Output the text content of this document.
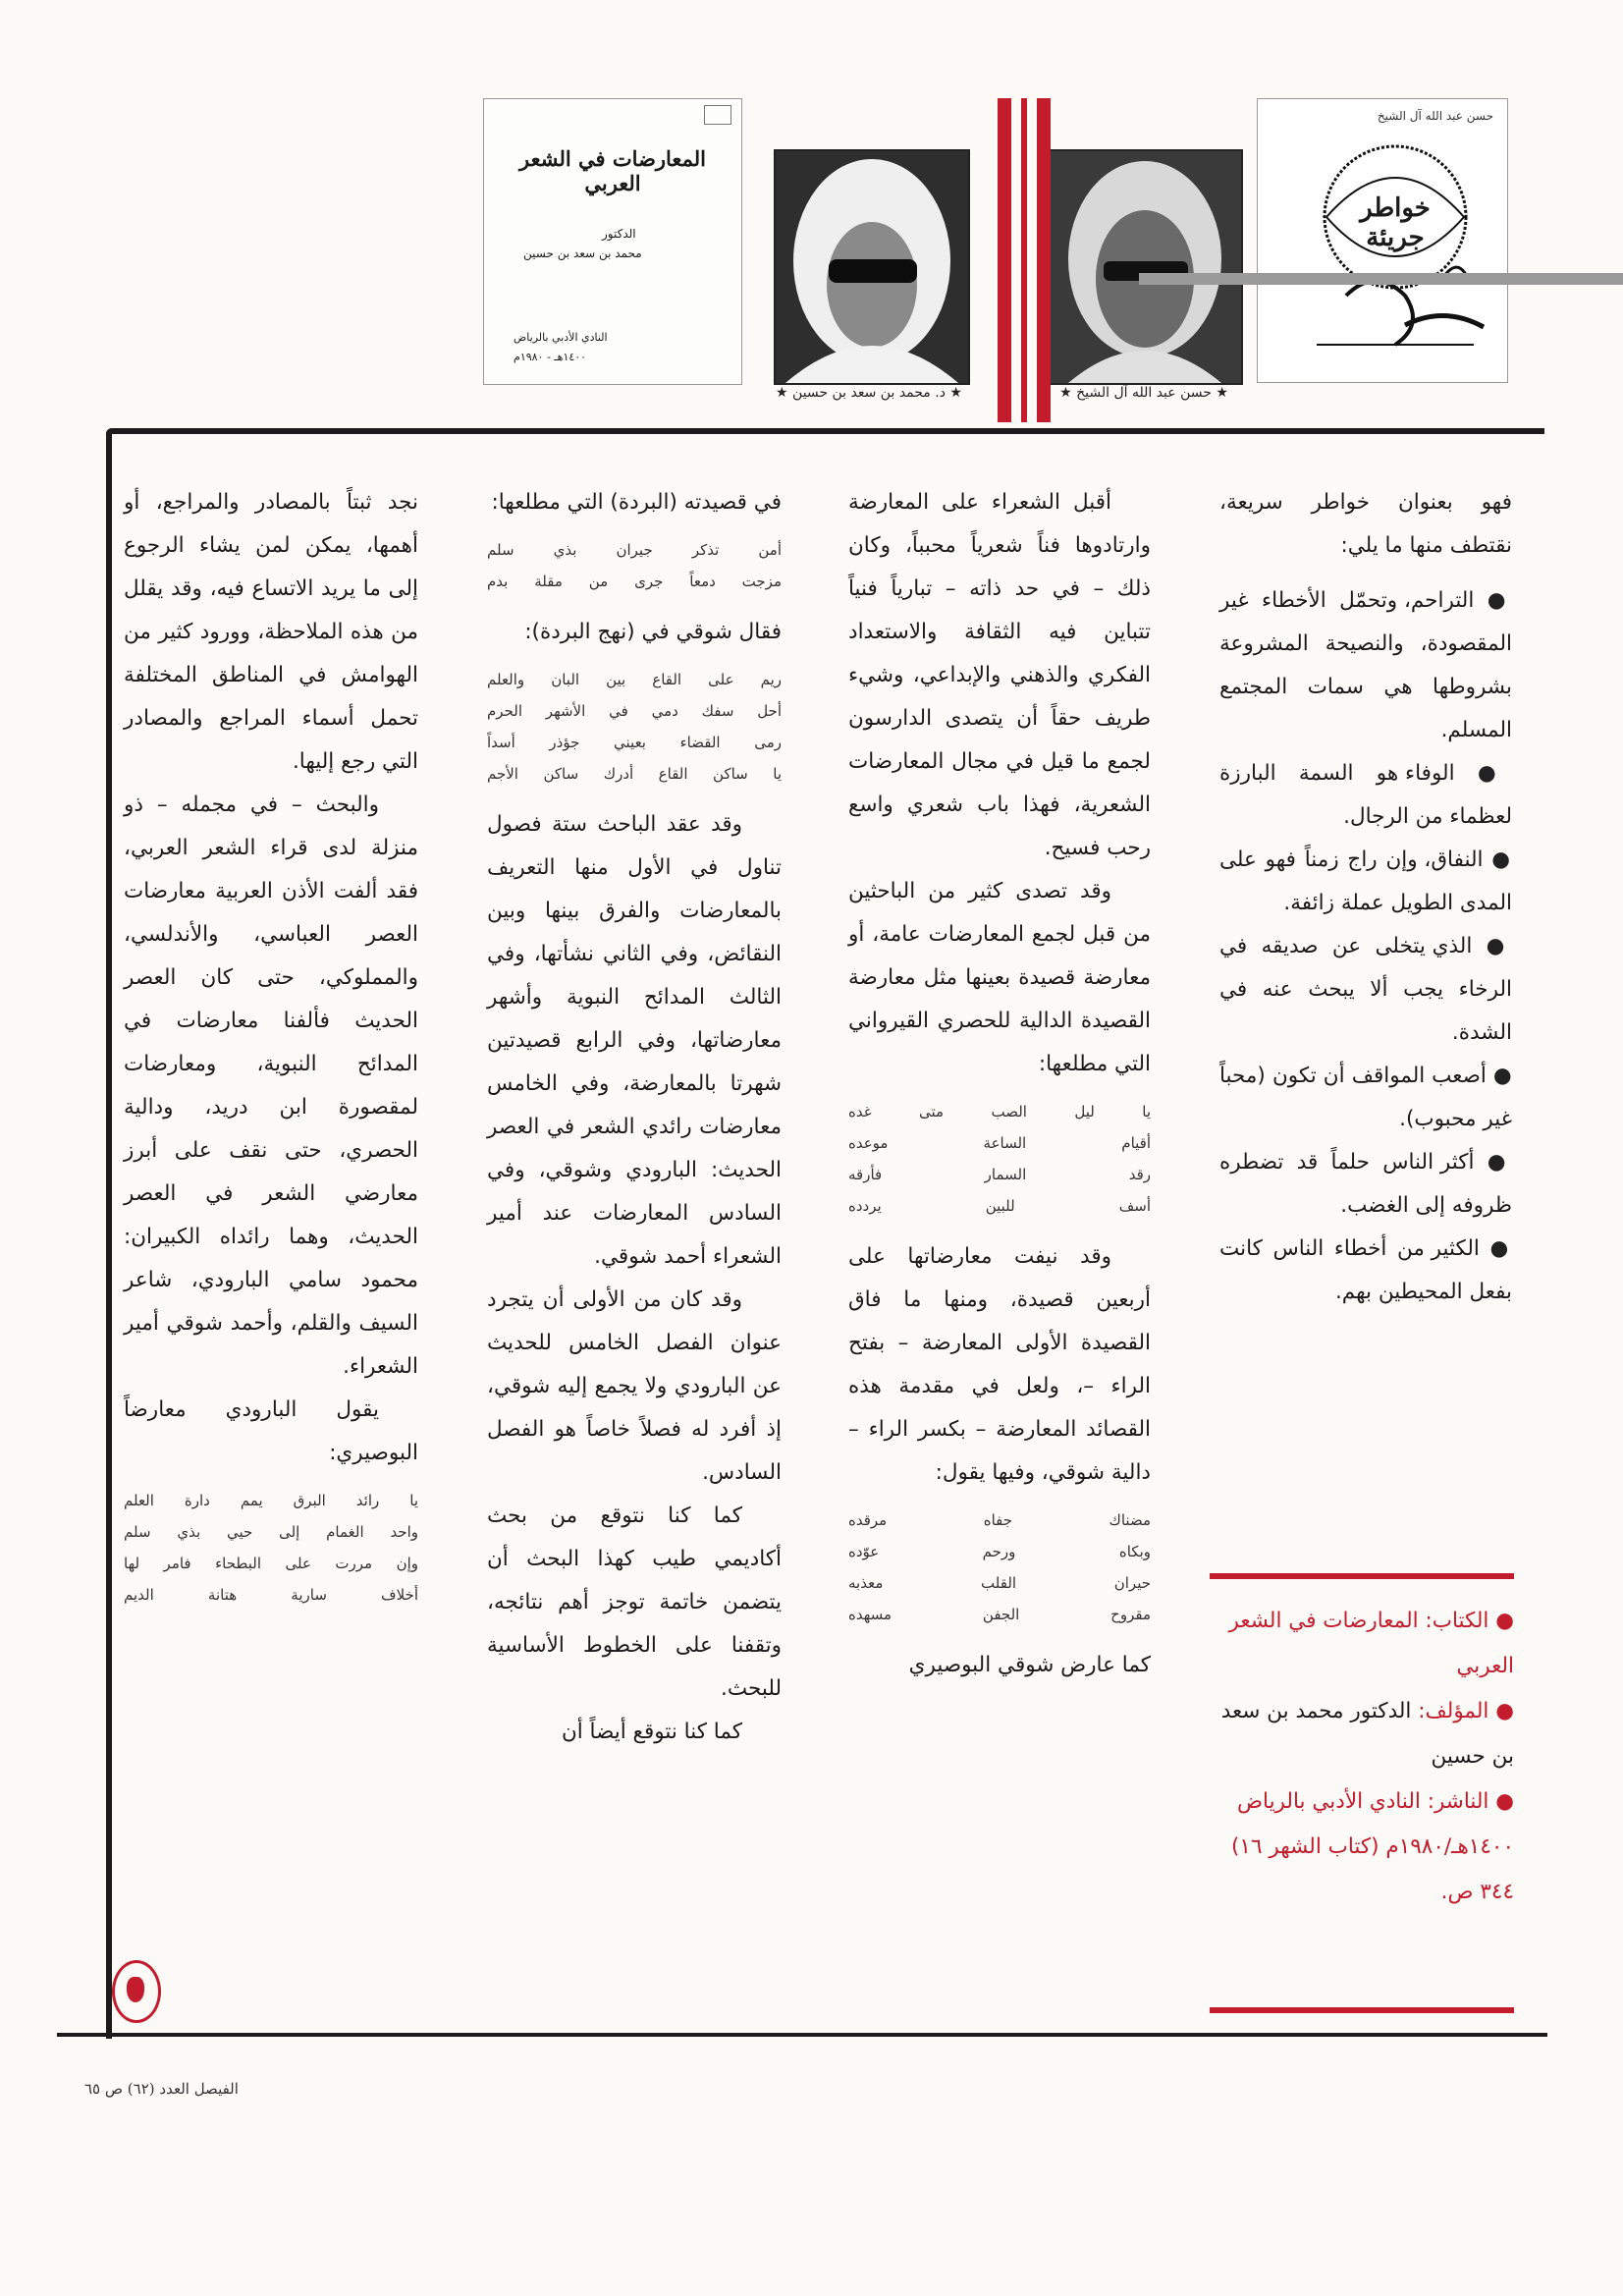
حسن عبد الله آل الشيخ
خواطر جريئة
المعارضات في الشعر العربي
الدكتور
محمد بن سعد بن حسين
النادي الأدبي بالرياض
١٤٠٠هـ - ١٩٨٠م
★ د. محمد بن سعد بن حسين ★	★ حسن عبد الله آل الشيخ ★

فهو بعنوان خواطر سريعة، نقتطف منها ما يلي:

● التراحم، وتحمّل الأخطاء غير المقصودة، والنصيحة المشروعة بشروطها هي سمات المجتمع المسلم.

● الوفاء هو السمة البارزة لعظماء من الرجال.

● النفاق، وإن راج زمناً فهو على المدى الطويل عملة زائفة.

● الذي يتخلى عن صديقه في الرخاء يجب ألا يبحث عنه في الشدة.

● أصعب المواقف أن تكون (محباً غير محبوب).

● أكثر الناس حلماً قد تضطره ظروفه إلى الغضب.

● الكثير من أخطاء الناس كانت بفعل المحيطين بهم.

● الكتاب: المعارضات في الشعر العربي

● المؤلف: الدكتور محمد بن سعد بن حسين

● الناشر: النادي الأدبي بالرياض ١٤٠٠هـ/١٩٨٠م (كتاب الشهر ١٦) ٣٤٤ ص.

أقبل الشعراء على المعارضة وارتادوها فناً شعرياً محبباً، وكان ذلك – في حد ذاته – تبارياً فنياً تتباين فيه الثقافة والاستعداد الفكري والذهني والإبداعي، وشيء طريف حقاً أن يتصدى الدارسون لجمع ما قيل في مجال المعارضات الشعرية، فهذا باب شعري واسع رحب فسيح.

وقد تصدى كثير من الباحثين من قبل لجمع المعارضات عامة، أو معارضة قصيدة بعينها مثل معارضة القصيدة الدالية للحصري القيرواني التي مطلعها:

يا ليل الصب متى غده
أقيام الساعة موعده
رقد السمار فأرقه
أسف للبين يردده

وقد نيفت معارضاتها على أربعين قصيدة، ومنها ما فاق القصيدة الأولى المعارضة – بفتح الراء –، ولعل في مقدمة هذه القصائد المعارضة – بكسر الراء – دالية شوقي، وفيها يقول:

مضناك جفاه مرقده
وبكاه ورحم عوّده
حيران القلب معذبه
مقروح الجفن مسهده

كما عارض شوقي البوصيري

في قصيدته (البردة) التي مطلعها:

أمن تذكر جيران بذي سلم
مزجت دمعاً جرى من مقلة بدم

فقال شوقي في (نهج البردة):

ريم على القاع بين البان والعلم
أحل سفك دمي في الأشهر الحرم
رمى القضاء بعيني جؤذر أسداً
يا ساكن القاع أدرك ساكن الأجم

وقد عقد الباحث ستة فصول تناول في الأول منها التعريف بالمعارضات والفرق بينها وبين النقائض، وفي الثاني نشأتها، وفي الثالث المدائح النبوية وأشهر معارضاتها، وفي الرابع قصيدتين شهرتا بالمعارضة، وفي الخامس معارضات رائدي الشعر في العصر الحديث: البارودي وشوقي، وفي السادس المعارضات عند أمير الشعراء أحمد شوقي.

وقد كان من الأولى أن يتجرد عنوان الفصل الخامس للحديث عن البارودي ولا يجمع إليه شوقي، إذ أفرد له فصلاً خاصاً هو الفصل السادس.

كما كنا نتوقع من بحث أكاديمي طيب كهذا البحث أن يتضمن خاتمة توجز أهم نتائجه، وتقفنا على الخطوط الأساسية للبحث.

كما كنا نتوقع أيضاً أن

نجد ثبتاً بالمصادر والمراجع، أو أهمها، يمكن لمن يشاء الرجوع إلى ما يريد الاتساع فيه، وقد يقلل من هذه الملاحظة، وورود كثير من الهوامش في المناطق المختلفة تحمل أسماء المراجع والمصادر التي رجع إليها.

والبحث – في مجمله – ذو منزلة لدى قراء الشعر العربي، فقد ألفت الأذن العربية معارضات العصر العباسي، والأندلسي، والمملوكي، حتى كان العصر الحديث فألفنا معارضات في المدائح النبوية، ومعارضات لمقصورة ابن دريد، ودالية الحصري، حتى نقف على أبرز معارضي الشعر في العصر الحديث، وهما رائداه الكبيران: محمود سامي البارودي، شاعر السيف والقلم، وأحمد شوقي أمير الشعراء.

يقول البارودي معارضاً البوصيري:

يا رائد البرق يمم دارة العلم
واحد الغمام إلى حيي بذي سلم
وإن مررت على البطحاء فامر لها
أخلاف سارية هتانة الديم
الفيصل العدد (٦٢) ص ٦٥
